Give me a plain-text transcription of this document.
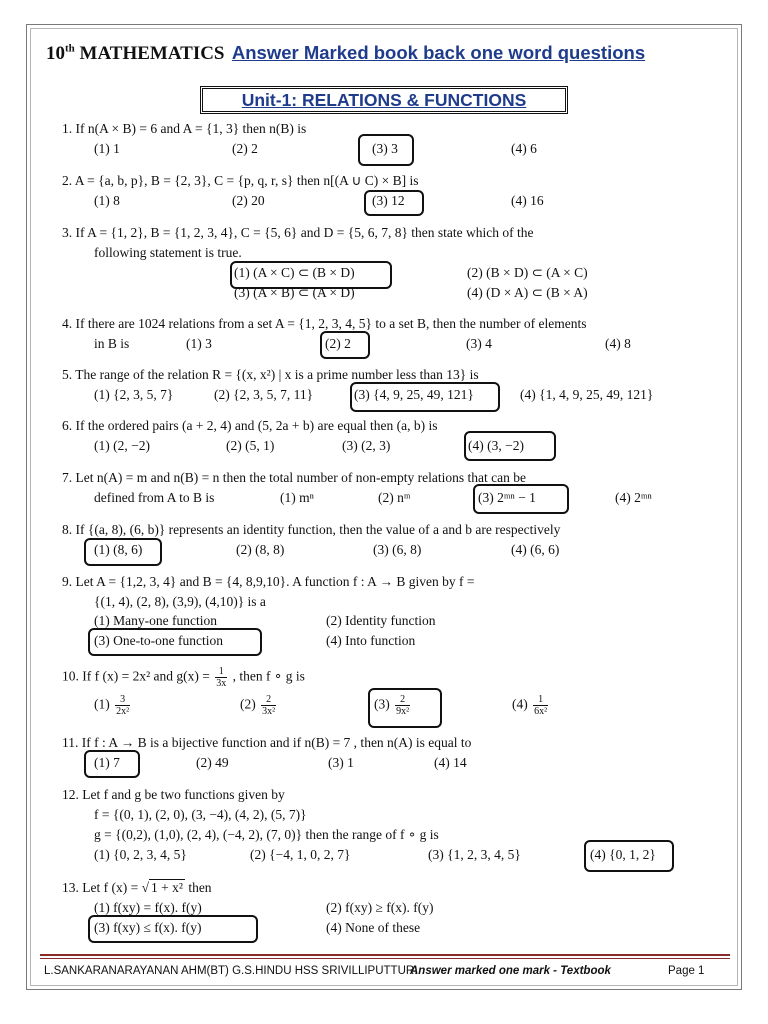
10th MATHEMATICS Answer Marked book back one word questions
Unit-1: RELATIONS & FUNCTIONS
1. If n(A × B) = 6 and A = {1, 3} then n(B) is
(1) 1	(2) 2	(3) 3	(4) 6
2. A = {a, b, p}, B = {2, 3}, C = {p, q, r, s} then n[(A ∪ C) × B] is
(1) 8	(2) 20	(3) 12	(4) 16
3. If A = {1, 2}, B = {1, 2, 3, 4}, C = {5, 6} and D = {5, 6, 7, 8} then state which of the
following statement is true.
(1) (A × C) ⊂ (B × D)	(2) (B × D) ⊂ (A × C)
(3) (A × B) ⊂ (A × D)	(4) (D × A) ⊂ (B × A)
4. If there are 1024 relations from a set A = {1, 2, 3, 4, 5} to a set B, then the number of elements
in B is	(1) 3	(2) 2	(3) 4	(4) 8
5. The range of the relation R = {(x, x²) | x is a prime number less than 13} is
(1) {2, 3, 5, 7}	(2) {2, 3, 5, 7, 11}	(3) {4, 9, 25, 49, 121}	(4) {1, 4, 9, 25, 49, 121}
6. If the ordered pairs (a + 2, 4) and (5, 2a + b) are equal then (a, b) is
(1) (2, −2)	(2) (5, 1)	(3) (2, 3)	(4) (3, −2)
7. Let n(A) = m and n(B) = n then the total number of non-empty relations that can be
defined from A to B is	(1) mⁿ	(2) nᵐ	(3) 2ᵐⁿ − 1	(4) 2ᵐⁿ
8. If {(a, 8), (6, b)} represents an identity function, then the value of a and b are respectively
(1) (8, 6)	(2) (8, 8)	(3) (6, 8)	(4) (6, 6)
9. Let A = {1,2, 3, 4} and B = {4, 8,9,10}. A function f : A → B given by f =
{(1, 4), (2, 8), (3,9), (4,10)} is a
(1) Many-one function	(2) Identity function
(3) One-to-one function	(4) Into function
10. If f (x) = 2x² and $g(x) = \frac{1}{3x}$ , then f ∘ g is
$(1) \frac{3}{\text{2x²}}$	$(2) \frac{2}{\text{3x²}}$	$(3) \frac{2}{\text{9x²}}$	$(4) \frac{1}{\text{6x²}}$
11. If f : A → B is a bijective function and if n(B) = 7 , then n(A) is equal to
(1) 7	(2) 49	(3) 1	(4) 14
12. Let f and g be two functions given by
f = {(0, 1), (2, 0), (3, −4), (4, 2), (5, 7)}
g = {(0,2), (1,0), (2, 4), (−4, 2), (7, 0)} then the range of f ∘ g is
(1) {0, 2, 3, 4, 5}	(2) {−4, 1, 0, 2, 7}	(3) {1, 2, 3, 4, 5}	(4) {0, 1, 2}
13. Let f (x) = √ 1 + x² then
(1) f(xy) = f(x). f(y)	(2) f(xy) ≥ f(x). f(y)
(3) f(xy) ≤ f(x). f(y)	(4) None of these
L.SANKARANARAYANAN AHM(BT) G.S.HINDU HSS SRIVILLIPUTTUR.
Answer marked one mark - Textbook	Page 1
